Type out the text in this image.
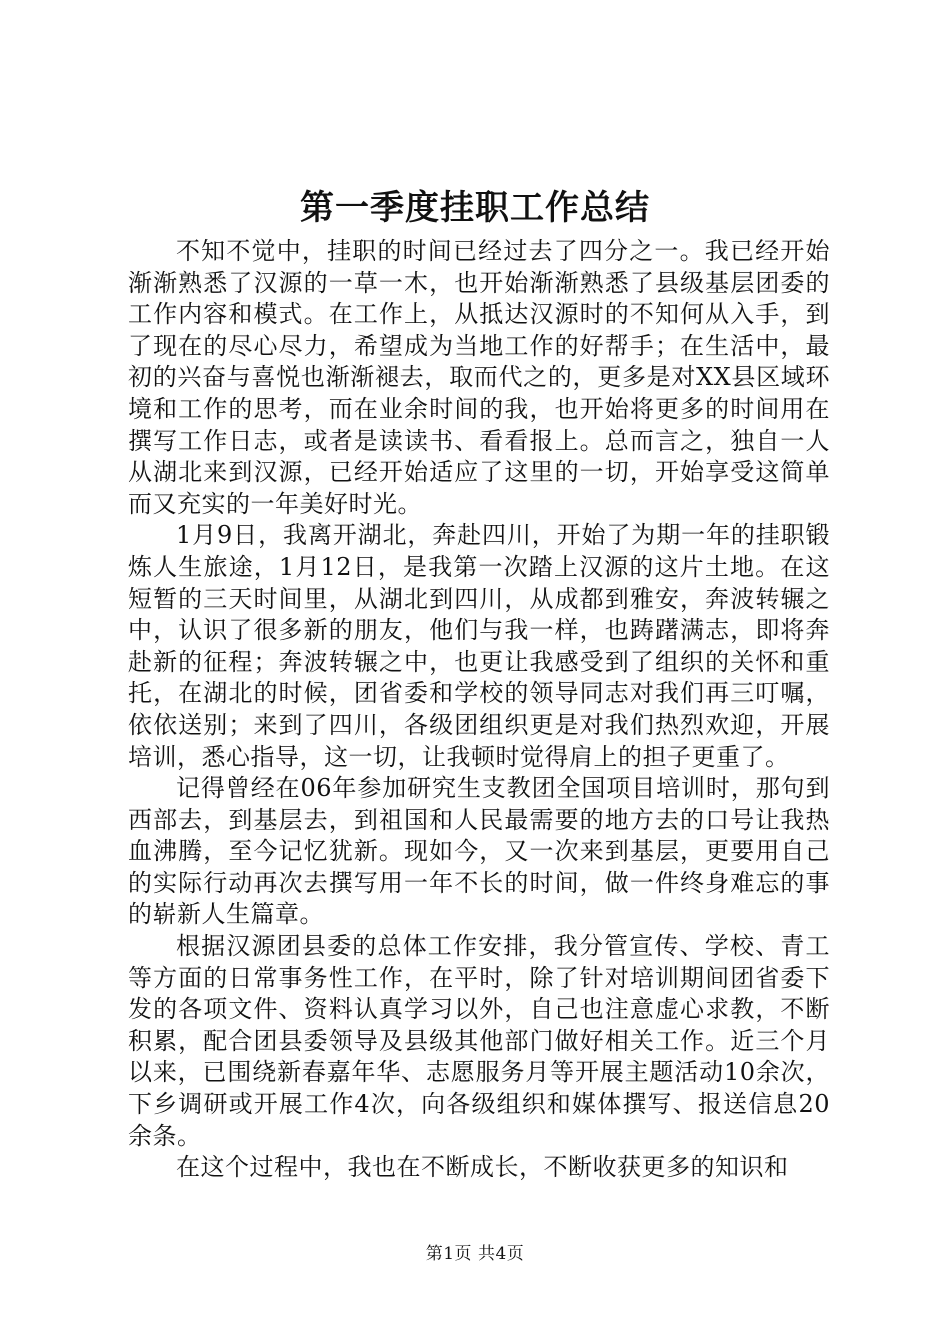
第一季度挂职工作总结

不知不觉中，挂职的时间已经过去了四分之一。我已经开始渐渐熟悉了汉源的一草一木，也开始渐渐熟悉了县级基层团委的工作内容和模式。在工作上，从抵达汉源时的不知何从入手，到了现在的尽心尽力，希望成为当地工作的好帮手；在生活中，最初的兴奋与喜悦也渐渐褪去，取而代之的，更多是对XX县区域环境和工作的思考，而在业余时间的我，也开始将更多的时间用在撰写工作日志，或者是读读书、看看报上。总而言之，独自一人从湖北来到汉源，已经开始适应了这里的一切，开始享受这简单而又充实的一年美好时光。

1月9日，我离开湖北，奔赴四川，开始了为期一年的挂职锻炼人生旅途，1月12日，是我第一次踏上汉源的这片土地。在这短暂的三天时间里，从湖北到四川，从成都到雅安，奔波转辗之中，认识了很多新的朋友，他们与我一样，也踌躇满志，即将奔赴新的征程；奔波转辗之中，也更让我感受到了组织的关怀和重托，在湖北的时候，团省委和学校的领导同志对我们再三叮嘱，依依送别；来到了四川，各级团组织更是对我们热烈欢迎，开展培训，悉心指导，这一切，让我顿时觉得肩上的担子更重了。

记得曾经在06年参加研究生支教团全国项目培训时，那句到西部去，到基层去，到祖国和人民最需要的地方去的口号让我热血沸腾，至今记忆犹新。现如今，又一次来到基层，更要用自己的实际行动再次去撰写用一年不长的时间，做一件终身难忘的事的崭新人生篇章。

根据汉源团县委的总体工作安排，我分管宣传、学校、青工等方面的日常事务性工作，在平时，除了针对培训期间团省委下发的各项文件、资料认真学习以外，自己也注意虚心求教，不断积累，配合团县委领导及县级其他部门做好相关工作。近三个月以来，已围绕新春嘉年华、志愿服务月等开展主题活动10余次，下乡调研或开展工作4次，向各级组织和媒体撰写、报送信息20余条。

在这个过程中，我也在不断成长，不断收获更多的知识和

第1页 共4页
